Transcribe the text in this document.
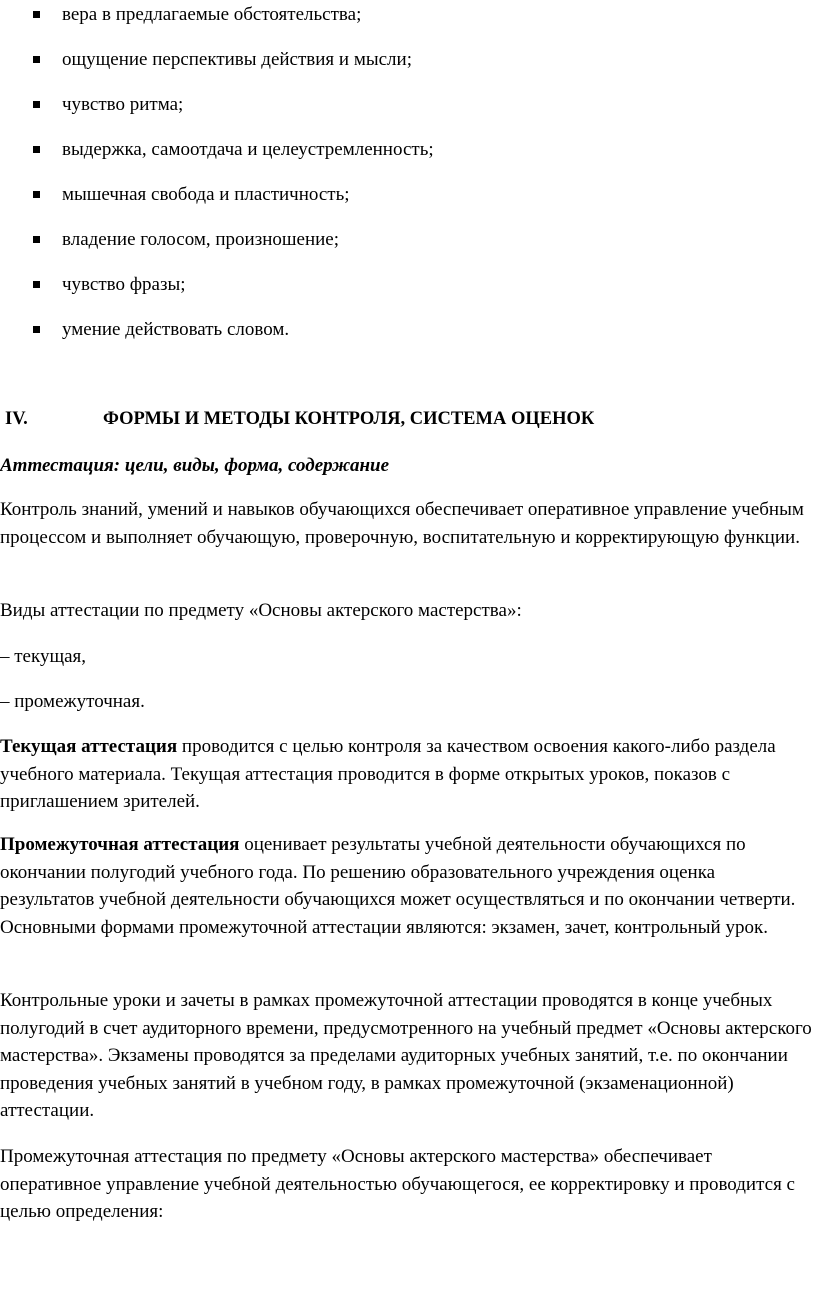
вера в предлагаемые обстоятельства;
ощущение перспективы действия и мысли;
чувство ритма;
выдержка, самоотдача и целеустремленность;
мышечная свобода и пластичность;
владение голосом, произношение;
чувство фразы;
умение действовать словом.
IV.	ФОРМЫ И МЕТОДЫ КОНТРОЛЯ, СИСТЕМА ОЦЕНОК
Аттестация: цели, виды, форма, содержание

Контроль знаний, умений и навыков обучающихся обеспечивает оперативное управление учебным процессом и выполняет обучающую, проверочную, воспитательную и корректирующую функции.

Виды аттестации по предмету «Основы актерского мастерства»:

– текущая,

– промежуточная.

Текущая аттестация проводится с целью контроля за качеством освоения какого-либо раздела учебного материала. Текущая аттестация проводится в форме открытых уроков, показов с приглашением зрителей.

Промежуточная аттестация оценивает результаты учебной деятельности обучающихся по окончании полугодий учебного года. По решению образовательного учреждения оценка результатов учебной деятельности обучающихся может осуществляться и по окончании четверти. Основными формами промежуточной аттестации являются: экзамен, зачет, контрольный урок.

Контрольные уроки и зачеты в рамках промежуточной аттестации проводятся в конце учебных полугодий в счет аудиторного времени, предусмотренного на учебный предмет «Основы актерского мастерства». Экзамены проводятся за пределами аудиторных учебных занятий, т.е. по окончании проведения учебных занятий в учебном году, в рамках промежуточной (экзаменационной) аттестации.

Промежуточная аттестация по предмету «Основы актерского мастерства» обеспечивает оперативное управление учебной деятельностью обучающегося, ее корректировку и проводится с целью определения:
